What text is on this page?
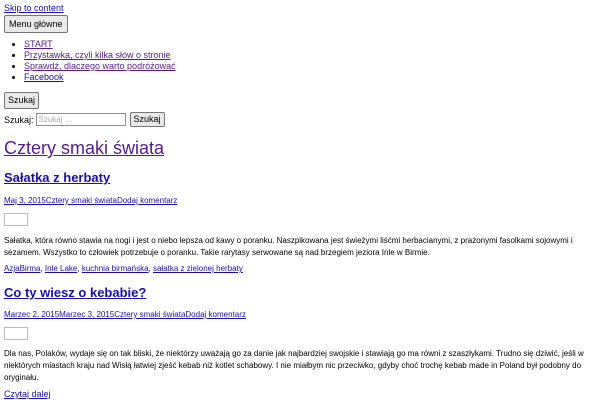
Skip to content
Menu główne
• START
• Przystawka, czyli kilka słów o stronie
• Sprawdź, dlaczego warto podróżować
• Facebook
Szukaj
Szukaj:
Szukaj …	Szukaj
Cztery smaki świata
Sałatka z herbaty
Maj 3, 2015Cztery smaki świataDodaj komentarz
Sałatka, która równo stawia na nogi i jest o niebo lepsza od kawy o poranku. Naszpikowana jest świeżymi liśćmi herbacianymi, z prażonymi fasolkami sojowymi i sezamem. Wszystko to człowiek potrzebuje o poranku. Takie rarytasy serwowane są nad brzegiem jeziora Inle w Birmie.
AzjaBirma, Inle Lake, kuchnia birmańska, sałatka z zielonej herbaty
Co ty wiesz o kebabie?
Marzec 2, 2015Marzec 3, 2015Cztery smaki świataDodaj komentarz
Dla nas, Polaków, wydaje się on tak bliski, że niektórzy uważają go za danie jak najbardziej swojskie i stawiają go ma równi z szaszłykami. Trudno się dziwić, jeśli w niektórych miastach kraju nad Wisłą łatwiej zjeść kebab niż kotlet schabowy. I nie miałbym nic przeciwko, gdyby choć trochę kebab made in Poland był podobny do oryginału.
Czytaj dalej
